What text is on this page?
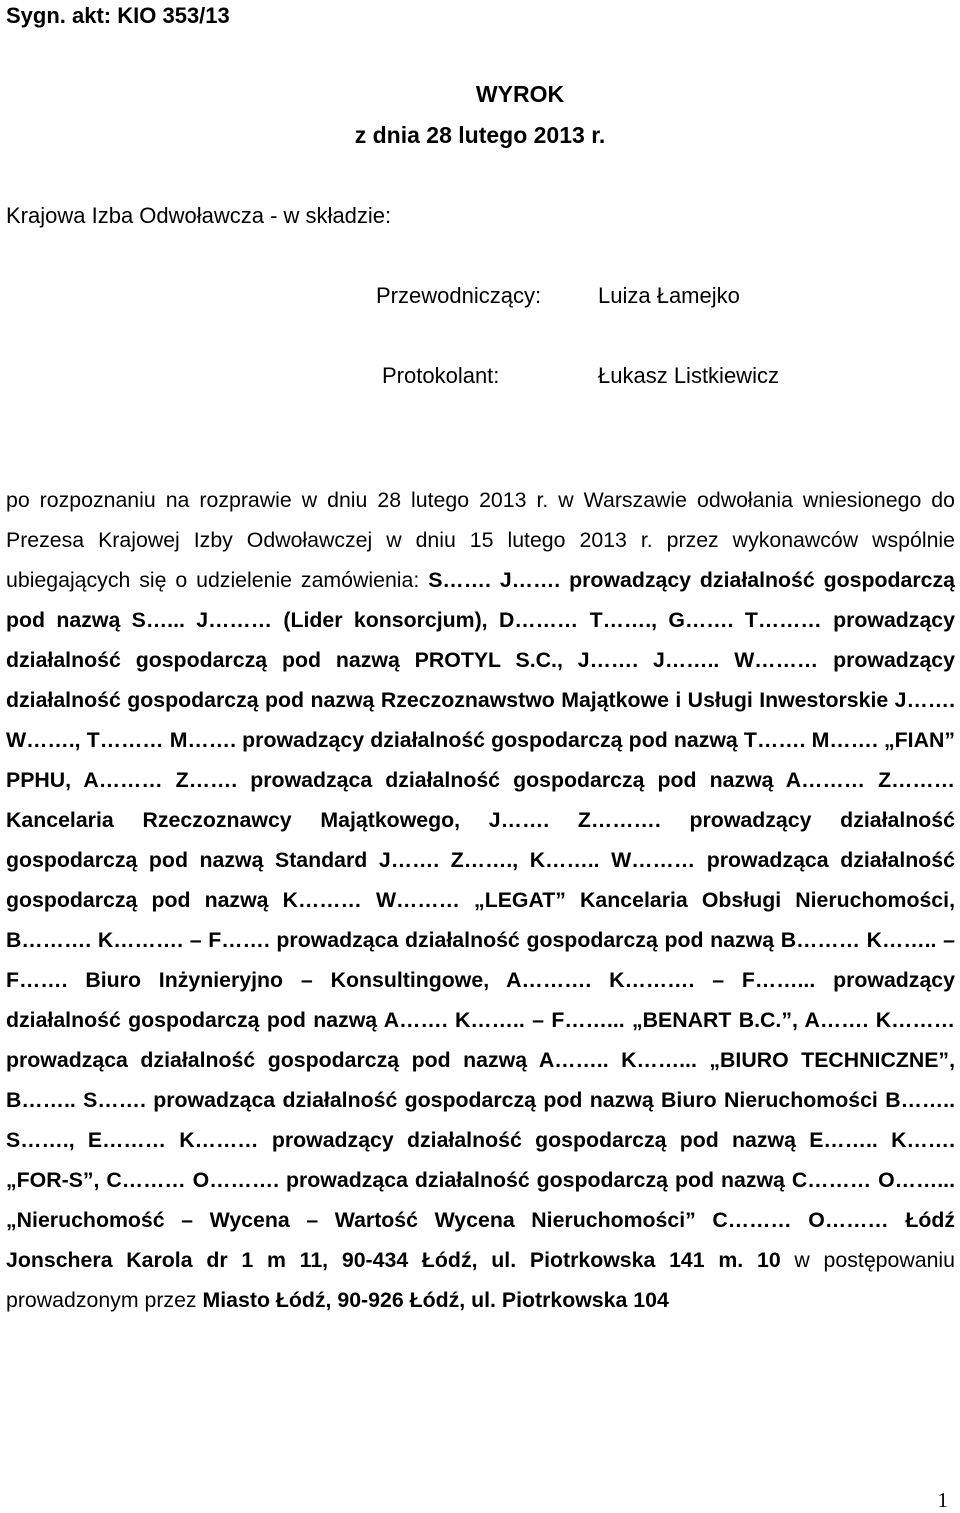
Sygn. akt: KIO 353/13
WYROK
z dnia 28 lutego 2013 r.
Krajowa Izba Odwoławcza - w składzie:
Przewodniczący:	Luiza Łamejko
Protokolant:	Łukasz Listkiewicz
po rozpoznaniu na rozprawie w dniu 28 lutego 2013 r. w Warszawie odwołania wniesionego do Prezesa Krajowej Izby Odwoławczej w dniu 15 lutego 2013 r. przez wykonawców wspólnie ubiegających się o udzielenie zamówienia: S……. J……. prowadzący działalność gospodarczą pod nazwą S…... J……… (Lider konsorcjum), D……… T……., G……. T……… prowadzący działalność gospodarczą pod nazwą PROTYL S.C., J……. J…….. W……… prowadzący działalność gospodarczą pod nazwą Rzeczoznawstwo Majątkowe i Usługi Inwestorskie J……. W……., T……… M……. prowadzący działalność gospodarczą pod nazwą T……. M……. „FIAN” PPHU, A……… Z……. prowadząca działalność gospodarczą pod nazwą A……… Z……… Kancelaria Rzeczoznawcy Majątkowego, J……. Z………. prowadzący działalność gospodarczą pod nazwą Standard J……. Z……., K…….. W……… prowadząca działalność gospodarczą pod nazwą K……… W……… „LEGAT” Kancelaria Obsługi Nieruchomości, B………. K………. – F……. prowadząca działalność gospodarczą pod nazwą B……… K…….. – F……. Biuro Inżynieryjno – Konsultingowe, A………. K………. – F……... prowadzący działalność gospodarczą pod nazwą A……. K…….. – F……... „BENART B.C.”, A……. K……… prowadząca działalność gospodarczą pod nazwą A…….. K……... „BIURO TECHNICZNE”, B…….. S……. prowadząca działalność gospodarczą pod nazwą Biuro Nieruchomości B…….. S……., E……… K……… prowadzący działalność gospodarczą pod nazwą E…….. K……. „FOR-S”, C……… O………. prowadząca działalność gospodarczą pod nazwą C……… O……... „Nieruchomość – Wycena – Wartość Wycena Nieruchomości” C……… O……… Łódź Jonscherа Karola dr 1 m 11, 90-434 Łódź, ul. Piotrkowska 141 m. 10 w postępowaniu prowadzonym przez Miasto Łódź, 90-926 Łódź, ul. Piotrkowska 104
1
